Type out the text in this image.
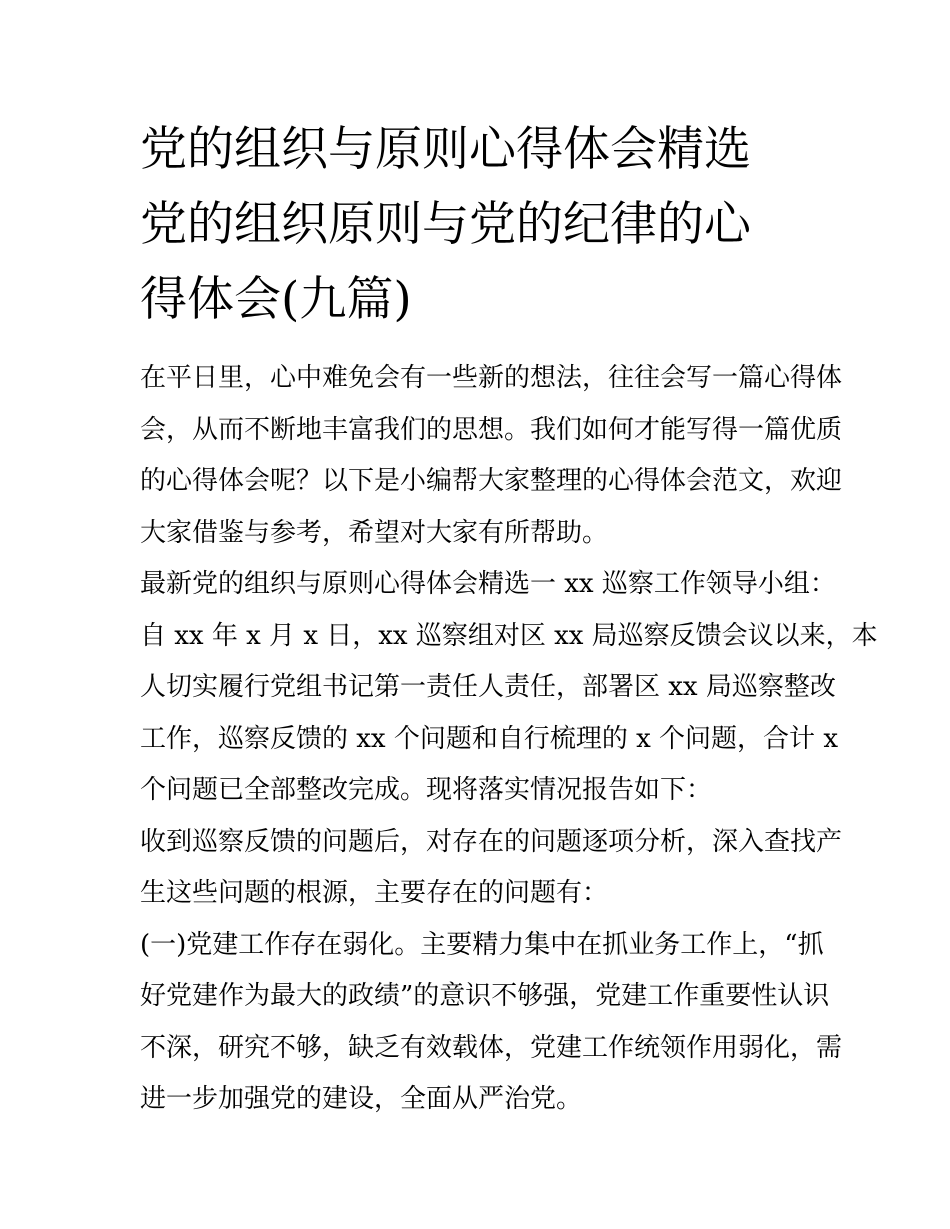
党的组织与原则心得体会精选
党的组织原则与党的纪律的心
得体会(九篇)
在平日里，心中难免会有一些新的想法，往往会写一篇心得体
会，从而不断地丰富我们的思想。我们如何才能写得一篇优质
的心得体会呢？以下是小编帮大家整理的心得体会范文，欢迎
大家借鉴与参考，希望对大家有所帮助。
最新党的组织与原则心得体会精选一 xx 巡察工作领导小组：
自 xx 年 x 月 x 日，xx 巡察组对区 xx 局巡察反馈会议以来，本
人切实履行党组书记第一责任人责任，部署区 xx 局巡察整改
工作，巡察反馈的 xx 个问题和自行梳理的 x 个问题，合计 x
个问题已全部整改完成。现将落实情况报告如下：
收到巡察反馈的问题后，对存在的问题逐项分析，深入查找产
生这些问题的根源，主要存在的问题有：
(一)党建工作存在弱化。主要精力集中在抓业务工作上，“抓
好党建作为最大的政绩”的意识不够强，党建工作重要性认识
不深，研究不够，缺乏有效载体，党建工作统领作用弱化，需
进一步加强党的建设，全面从严治党。
